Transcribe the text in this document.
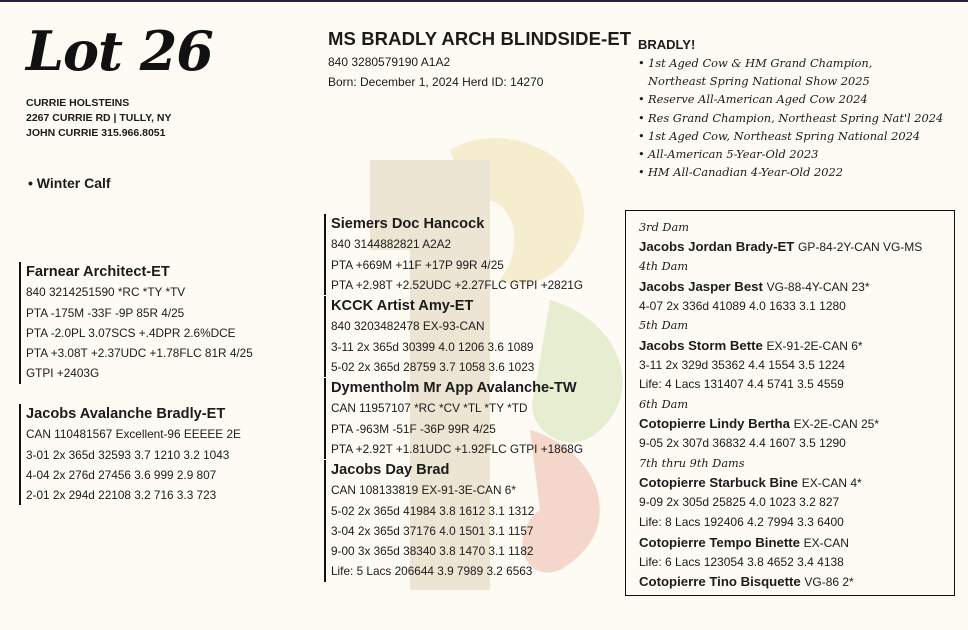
Lot 26
CURRIE HOLSTEINS
2267 CURRIE RD | TULLY, NY
JOHN CURRIE 315.966.8051
• Winter Calf
MS BRADLY ARCH BLINDSIDE-ET
840 3280579190 A1A2
Born: December 1, 2024 Herd ID: 14270
BRADLY!
• 1st Aged Cow & HM Grand Champion,
Northeast Spring National Show 2025
• Reserve All-American Aged Cow 2024
• Res Grand Champion, Northeast Spring Nat'l 2024
• 1st Aged Cow, Northeast Spring National 2024
• All-American 5-Year-Old 2023
• HM All-Canadian 4-Year-Old 2022
Siemers Doc Hancock
840 3144882821 A2A2
PTA +669M +11F +17P 99R 4/25
PTA +2.98T +2.52UDC +2.27FLC GTPI +2821G
KCCK Artist Amy-ET
840 3203482478 EX-93-CAN
3-11 2x 365d 30399 4.0 1206 3.6 1089
5-02 2x 365d 28759 3.7 1058 3.6 1023
Dymentholm Mr App Avalanche-TW
CAN 11957107 *RC *CV *TL *TY *TD
PTA -963M -51F -36P 99R 4/25
PTA +2.92T +1.81UDC +1.92FLC GTPI +1868G
Jacobs Day Brad
CAN 108133819 EX-91-3E-CAN 6*
5-02 2x 365d 41984 3.8 1612 3.1 1312
3-04 2x 365d 37176 4.0 1501 3.1 1157
9-00 3x 365d 38340 3.8 1470 3.1 1182
Life: 5 Lacs 206644 3.9 7989 3.2 6563
Farnear Architect-ET
840 3214251590 *RC *TY *TV
PTA -175M -33F -9P 85R 4/25
PTA -2.0PL 3.07SCS +.4DPR 2.6%DCE
PTA +3.08T +2.37UDC +1.78FLC 81R 4/25
GTPI +2403G
Jacobs Avalanche Bradly-ET
CAN 110481567 Excellent-96 EEEEE 2E
3-01 2x 365d 32593 3.7 1210 3.2 1043
4-04 2x 276d 27456 3.6 999 2.9 807
2-01 2x 294d 22108 3.2 716 3.3 723
3rd Dam
Jacobs Jordan Brady-ET GP-84-2Y-CAN VG-MS
4th Dam
Jacobs Jasper Best VG-88-4Y-CAN 23*
4-07 2x 336d 41089 4.0 1633 3.1 1280
5th Dam
Jacobs Storm Bette EX-91-2E-CAN 6*
3-11 2x 329d 35362 4.4 1554 3.5 1224
Life: 4 Lacs 131407 4.4 5741 3.5 4559
6th Dam
Cotopierre Lindy Bertha EX-2E-CAN 25*
9-05 2x 307d 36832 4.4 1607 3.5 1290
7th thru 9th Dams
Cotopierre Starbuck Bine EX-CAN 4*
9-09 2x 305d 25825 4.0 1023 3.2 827
Life: 8 Lacs 192406 4.2 7994 3.3 6400
Cotopierre Tempo Binette EX-CAN
Life: 6 Lacs 123054 3.8 4652 3.4 4138
Cotopierre Tino Bisquette VG-86 2*
